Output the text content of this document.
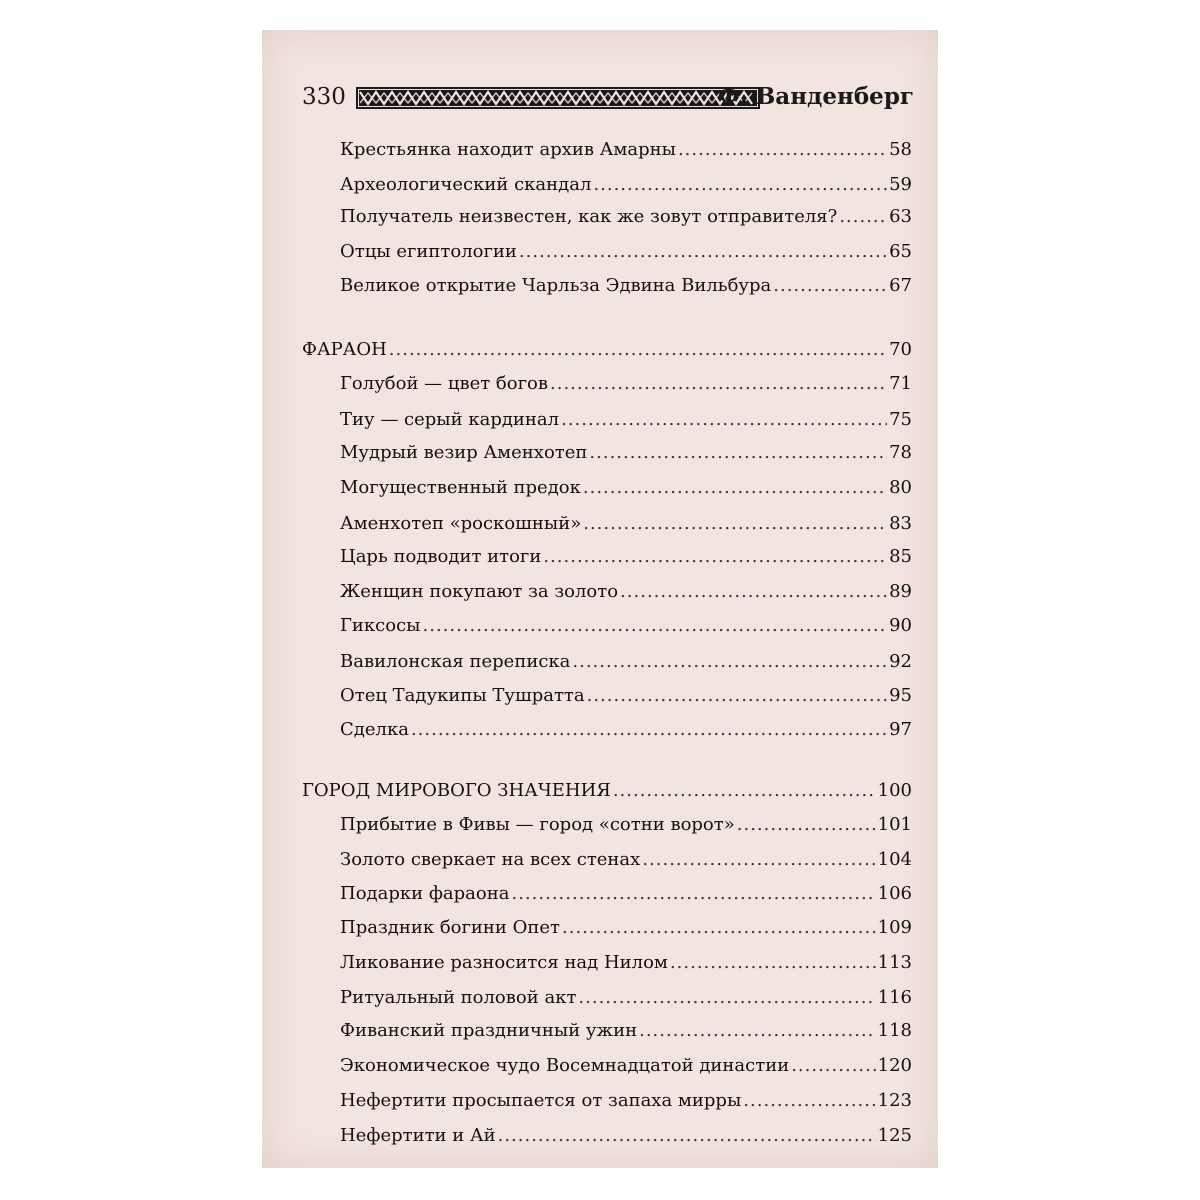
330	Ф. Ванденберг
Крестьянка находит архив Амарны .....	58
Археологический скандал .....	59
Получатель неизвестен, как же зовут отправителя? .....	63
Отцы египтологии .....	65
Великое открытие Чарльза Эдвина Вильбура .....	67
ФАРАОН .....	70
Голубой — цвет богов .....	71
Тиу — серый кардинал .....	75
Мудрый везир Аменхотеп .....	78
Могущественный предок .....	80
Аменхотеп «роскошный» .....	83
Царь подводит итоги .....	85
Женщин покупают за золото .....	89
Гиксосы .....	90
Вавилонская переписка .....	92
Отец Тадукипы Тушратта .....	95
Сделка .....	97
ГОРОД МИРОВОГО ЗНАЧЕНИЯ .....	100
Прибытие в Фивы — город «сотни ворот» .....	101
Золото сверкает на всех стенах .....	104
Подарки фараона .....	106
Праздник богини Опет .....	109
Ликование разносится над Нилом .....	113
Ритуальный половой акт .....	116
Фиванский праздничный ужин .....	118
Экономическое чудо Восемнадцатой династии .....	120
Нефертити просыпается от запаха мирры .....	123
Нефертити и Ай .....	125
